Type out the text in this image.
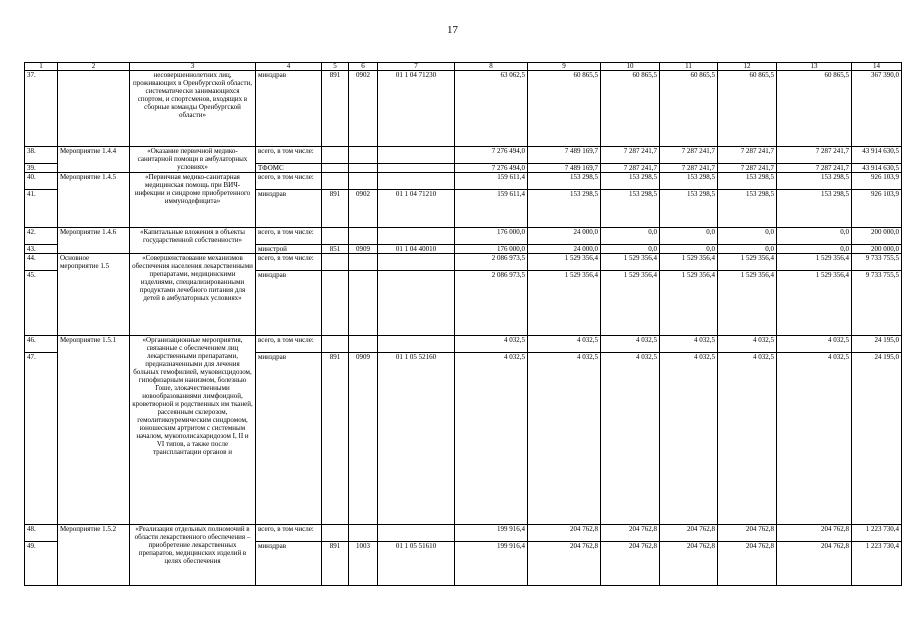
17
1	2	3	4	5	6	7	8	9	10	11	12	13	14
37.		несовершеннолетних лиц, проживающих в Оренбургской области, систематически занимающихся спортом, и спортсменов, входящих в сборные команды Оренбургской области»	минздрав	891	0902	01 1 04 71230	63 062,5	60 865,5	60 865,5	60 865,5	60 865,5	60 865,5	367 390,0
38.	Мероприятие 1.4.4	«Оказание первичной медико-санитарной помощи в амбулаторных условиях»	всего, в том числе:				7 276 494,0	7 489 169,7	7 287 241,7	7 287 241,7	7 287 241,7	7 287 241,7	43 914 630,5
39.			ТФОМС				7 276 494,0	7 489 169,7	7 287 241,7	7 287 241,7	7 287 241,7	7 287 241,7	43 914 630,5
40.	Мероприятие 1.4.5	«Первичная медико-санитарная медицинская помощь при ВИЧ-инфекции и синдроме приобретенного иммунодефицита»	всего, в том числе:				159 611,4	153 298,5	153 298,5	153 298,5	153 298,5	153 298,5	926 103,9
41.			минздрав	891	0902	01 1 04 71210	159 611,4	153 298,5	153 298,5	153 298,5	153 298,5	153 298,5	926 103,9
42.	Мероприятие 1.4.6	«Капитальные вложения в объекты государственной собственности»	всего, в том числе:				176 000,0	24 000,0	0,0	0,0	0,0	0,0	200 000,0
43.			минстрой	851	0909	01 1 04 40010	176 000,0	24 000,0	0,0	0,0	0,0	0,0	200 000,0
44.	Основное мероприятие 1.5	«Совершенствование механизмов обеспечения населения лекарственными препаратами, медицинскими изделиями, специализированными продуктами лечебного питания для детей в амбулаторных условиях»	всего, в том числе:				2 086 973,5	1 529 356,4	1 529 356,4	1 529 356,4	1 529 356,4	1 529 356,4	9 733 755,5
45.			минздрав				2 086 973,5	1 529 356,4	1 529 356,4	1 529 356,4	1 529 356,4	1 529 356,4	9 733 755,5
46.	Мероприятие 1.5.1	«Организационные мероприятия, связанные с обеспечением лиц лекарственными препаратами, предназначенными для лечения больных гемофилией, муковисцидозом, гипофизарным нанизмом, болезнью Гоше, злокачественными новообразованиями лимфоидной, кроветворной и родственных им тканей, рассеянным склерозом, гемолитикоуремическим синдромом, юношеским артритом с системным началом, мукополисахаридозом I, II и VI типов, а также после трансплантации органов и	всего, в том числе:				4 032,5	4 032,5	4 032,5	4 032,5	4 032,5	4 032,5	24 195,0
47.			минздрав	891	0909	01 1 05 52160	4 032,5	4 032,5	4 032,5	4 032,5	4 032,5	4 032,5	24 195,0
48.	Мероприятие 1.5.2	«Реализация отдельных полномочий в области лекарственного обеспечения – приобретение лекарственных препаратов, медицинских изделий в целях обеспечения	всего, в том числе:				199 916,4	204 762,8	204 762,8	204 762,8	204 762,8	204 762,8	1 223 730,4
49.			минздрав	891	1003	01 1 05 51610	199 916,4	204 762,8	204 762,8	204 762,8	204 762,8	204 762,8	1 223 730,4
